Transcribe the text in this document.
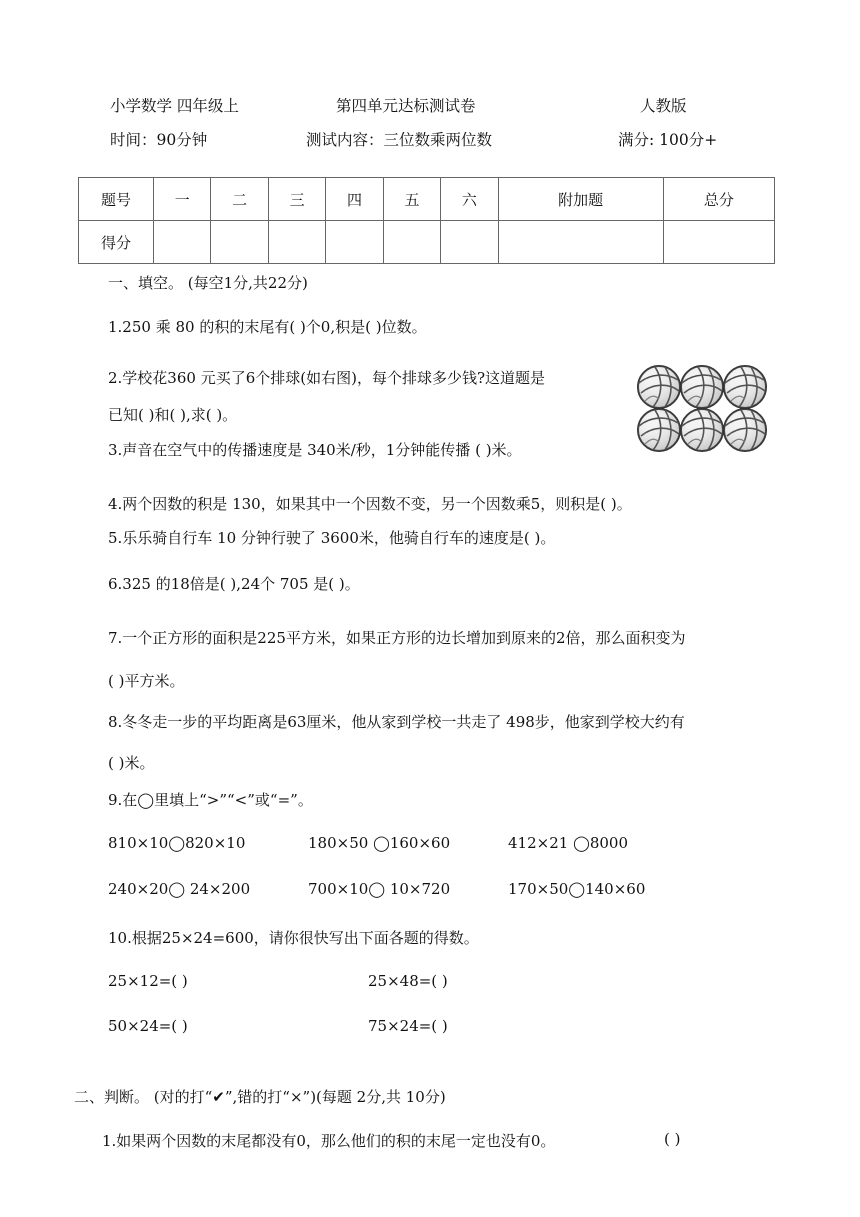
小学数学 四年级上	第四单元达标测试卷	人教版
时间：90分钟	测试内容：三位数乘两位数	满分: 100分+
题号	一	二	三	四	五	六	附加题	总分
得分								
一、填空。 (每空1分,共22分)
1.250 乘 80 的积的末尾有( )个0,积是( )位数。
2.学校花360 元买了6个排球(如右图)，每个排球多少钱?这道题是
已知( )和( ),求( )。
3.声音在空气中的传播速度是 340米/秒，1分钟能传播 ( )米。
4.两个因数的积是 130，如果其中一个因数不变，另一个因数乘5，则积是( )。
5.乐乐骑自行车 10 分钟行驶了 3600米，他骑自行车的速度是( )。
6.325 的18倍是( ),24个 705 是( )。
7.一个正方形的面积是225平方米，如果正方形的边长增加到原来的2倍，那么面积变为
( )平方米。
8.冬冬走一步的平均距离是63厘米，他从家到学校一共走了 498步，他家到学校大约有
( )米。
9.在◯里填上“>”“<”或“=”。
810×10◯820×10	180×50 ◯160×60	412×21 ◯8000
240×20◯ 24×200	700×10◯ 10×720	170×50◯140×60
10.根据25×24=600，请你很快写出下面各题的得数。
25×12=( )	25×48=( )
50×24=( )	75×24=( )
二、判断。 (对的打“✔”,错的打“×”)(每题 2分,共 10分)
1.如果两个因数的末尾都没有0，那么他们的积的末尾一定也没有0。	( )
